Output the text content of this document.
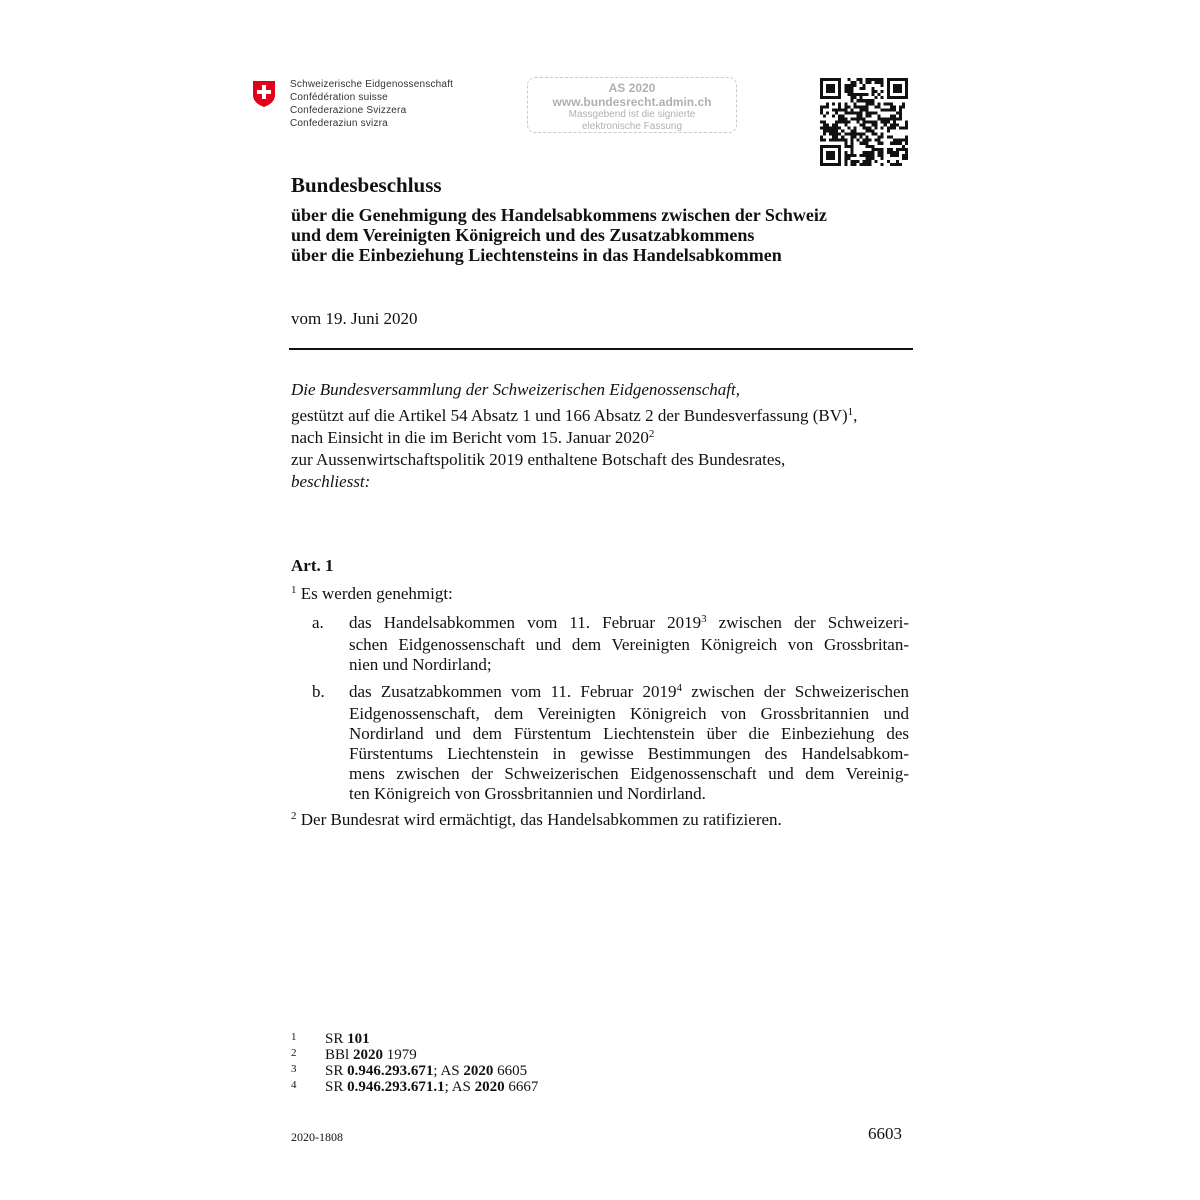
Schweizerische Eidgenossenschaft
Confédération suisse
Confederazione Svizzera
Confederaziun svizra
AS 2020
www.bundesrecht.admin.ch
Massgebend ist die signierte
elektronische Fassung
Bundesbeschluss
über die Genehmigung des Handelsabkommens zwischen der Schweiz
und dem Vereinigten Königreich und des Zusatzabkommens
über die Einbeziehung Liechtensteins in das Handelsabkommen
vom 19. Juni 2020
Die Bundesversammlung der Schweizerischen Eidgenossenschaft,
gestützt auf die Artikel 54 Absatz 1 und 166 Absatz 2 der Bundesverfassung (BV)$^1$,
nach Einsicht in die im Bericht vom 15. Januar 2020$^2$
zur Aussenwirtschaftspolitik 2019 enthaltene Botschaft des Bundesrates,
beschliesst:
Art. 1
$^1$ Es werden genehmigt:
a. das Handelsabkommen vom 11. Februar 2019$^3$ zwischen der Schweizeri-
schen Eidgenossenschaft und dem Vereinigten Königreich von Grossbritan-
nien und Nordirland;
b. das Zusatzabkommen vom 11. Februar 2019$^4$ zwischen der Schweizerischen
Eidgenossenschaft, dem Vereinigten Königreich von Grossbritannien und
Nordirland und dem Fürstentum Liechtenstein über die Einbeziehung des
Fürstentums Liechtenstein in gewisse Bestimmungen des Handelsabkom-
mens zwischen der Schweizerischen Eidgenossenschaft und dem Vereinig-
ten Königreich von Grossbritannien und Nordirland.
$^2$ Der Bundesrat wird ermächtigt, das Handelsabkommen zu ratifizieren.
1 SR 101
2 BBl 2020 1979
3 SR 0.946.293.671; AS 2020 6605
4 SR 0.946.293.671.1; AS 2020 6667
2020-1808	6603
